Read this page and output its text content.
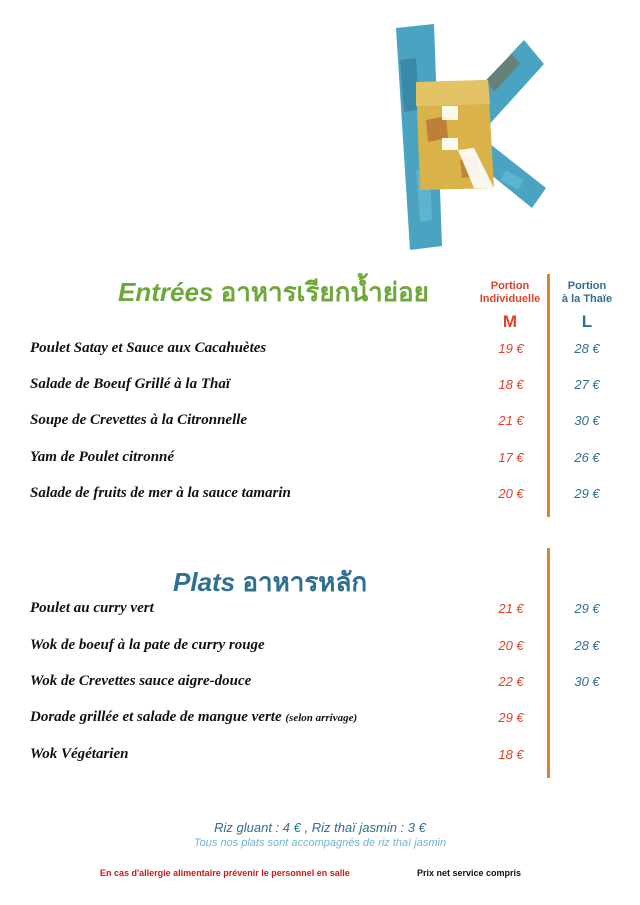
Entrées อาหารเรียกน้ำย่อย	Portion
Individuelle
Portion
à la Thaïe
M	L
Poulet Satay et Sauce aux Cacahuètes	19 €	28 €
Salade de Boeuf Grillé à la Thaï	18 €	27 €
Soupe de Crevettes à la Citronnelle	21 €	30 €
Yam de Poulet citronné	17 €	26 €
Salade de fruits de mer à la sauce tamarin	20 €	29 €
Plats อาหารหลัก
Poulet au curry vert	21 €	29 €
Wok de boeuf à la pate de curry rouge	20 €	28 €
Wok de Crevettes sauce aigre-douce	22 €	30 €
Dorade grillée et salade de mangue verte (selon arrivage)	29 €
Wok Végétarien	18 €
Riz gluant : 4 € , Riz thaï jasmin : 3 €
Tous nos plats sont accompagnés de riz thaï jasmin
En cas d'allergie alimentaire prévenir le personnel en salle	Prix net service compris
